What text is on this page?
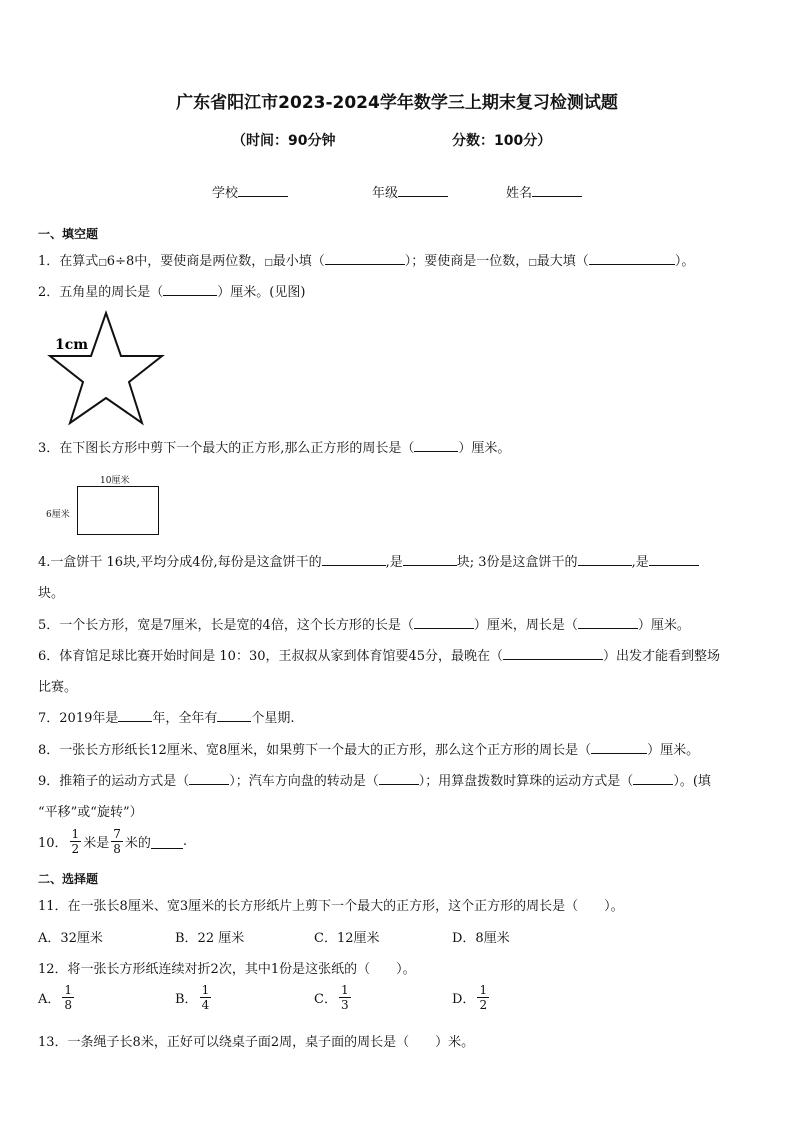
广东省阳江市2023-2024学年数学三上期末复习检测试题
（时间：90分钟	分数：100分）
学校	年级	姓名
一、填空题
1．在算式□6÷8中，要使商是两位数，□最小填（	）；要使商是一位数，□最大填（	）。
2．五角星的周长是（	）厘米。(见图)
1cm
3．在下图长方形中剪下一个最大的正方形,那么正方形的周长是（	）厘米。
10厘米
6厘米
4.一盒饼干 16块,平均分成4份,每份是这盒饼干的	,是	块; 3份是这盒饼干的	,是
块。
5．一个长方形，宽是7厘米，长是宽的4倍，这个长方形的长是（	）厘米，周长是（	）厘米。
6．体育馆足球比赛开始时间是 10：30，王叔叔从家到体育馆要45分，最晚在（	）出发才能看到整场
比赛。
7．2019年是	年，全年有	个星期.
8．一张长方形纸长12厘米、宽8厘米，如果剪下一个最大的正方形，那么这个正方形的周长是（	）厘米。
9．推箱子的运动方式是（	）；汽车方向盘的转动是（	）；用算盘拨数时算珠的运动方式是（	）。(填
“平移”或“旋转”）
10． $\frac{1}{2}$ 米是 $\frac{7}{8}$ 米的 .
二、选择题
11．在一张长8厘米、宽3厘米的长方形纸片上剪下一个最大的正方形，这个正方形的周长是（　　）。
A．32厘米	B．22 厘米	C．12厘米	D．8厘米
12．将一张长方形纸连续对折2次，其中1份是这张纸的（　　）。
A． $\frac{1}{8}$	B． $\frac{1}{4}$	C． $\frac{1}{3}$	D． $\frac{1}{2}$
13．一条绳子长8米，正好可以绕桌子面2周，桌子面的周长是（　　）米。
